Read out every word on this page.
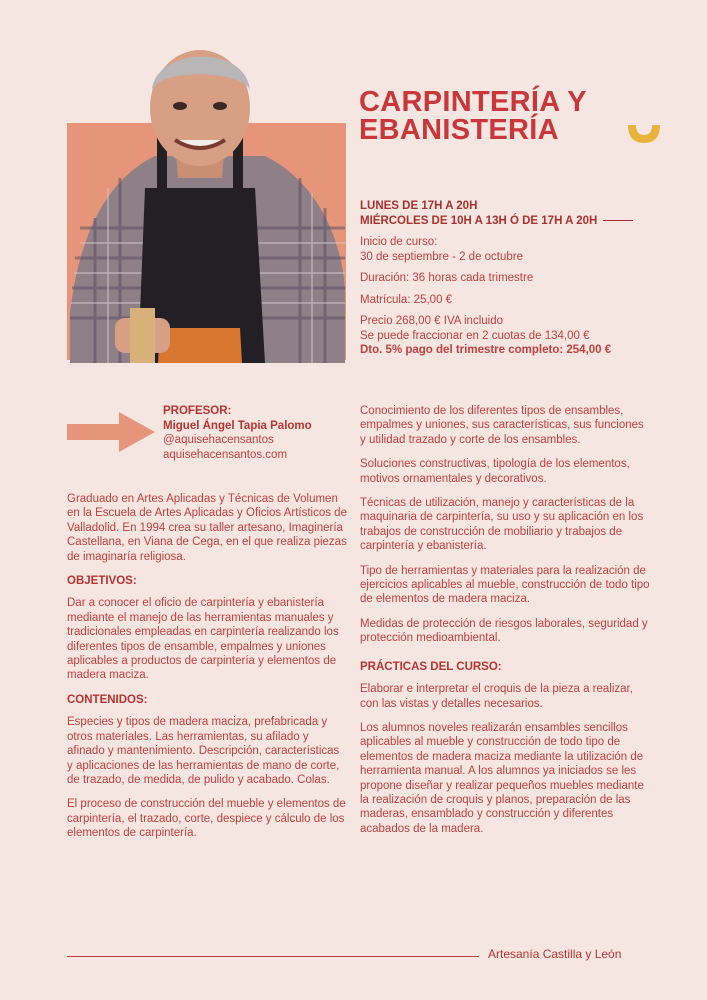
CARPINTERÍA Y EBANISTERÍA
LUNES DE 17H A 20H
MIÉRCOLES DE 10H A 13H Ó DE 17H A 20H

Inicio de curso:
30 de septiembre - 2 de octubre

Duración: 36 horas cada trimestre

Matrícula: 25,00 €

Precio 268,00 € IVA incluido
Se puede fraccionar en 2 cuotas de 134,00 €
Dto. 5% pago del trimestre completo: 254,00 €

PROFESOR:
Miguel Ángel Tapia Palomo
@aquisehacensantos
aquisehacensantos.com

Graduado en Artes Aplicadas y Técnicas de Volumen en la Escuela de Artes Aplicadas y Oficios Artísticos de Valladolid. En 1994 crea su taller artesano, Imaginería Castellana, en Viana de Cega, en el que realiza piezas de imaginaría religiosa.

OBJETIVOS:

Dar a conocer el oficio de carpintería y ebanistería mediante el manejo de las herramientas manuales y tradicionales empleadas en carpintería realizando los diferentes tipos de ensamble, empalmes y uniones aplicables a productos de carpintería y elementos de madera maciza.

CONTENIDOS:

Especies y tipos de madera maciza, prefabricada y otros materiales. Las herramientas, su afilado y afinado y mantenimiento. Descripción, características y aplicaciones de las herramientas de mano de corte, de trazado, de medida, de pulido y acabado. Colas.

El proceso de construcción del mueble y elementos de carpintería, el trazado, corte, despiece y cálculo de los elementos de carpintería.

Conocimiento de los diferentes tipos de ensambles, empalmes y uniones, sus características, sus funciones y utilidad trazado y corte de los ensambles.

Soluciones constructivas, tipología de los elementos, motivos ornamentales y decorativos.

Técnicas de utilización, manejo y características de la maquinaria de carpintería, su uso y su aplicación en los trabajos de construcción de mobiliario y trabajos de carpintería y ebanistería.

Tipo de herramientas y materiales para la realización de ejercicios aplicables al mueble, construcción de todo tipo de elementos de madera maciza.

Medidas de protección de riesgos laborales, seguridad y protección medioambiental.

PRÁCTICAS DEL CURSO:

Elaborar e interpretar el croquis de la pieza a realizar, con las vistas y detalles necesarios.

Los alumnos noveles realizarán ensambles sencillos aplicables al mueble y construcción de todo tipo de elementos de madera maciza mediante la utilización de herramienta manual. A los alumnos ya iniciados se les propone diseñar y realizar pequeños muebles mediante la realización de croquis y planos, preparación de las maderas, ensamblado y construcción y diferentes acabados de la madera.

Artesanía Castilla y León
